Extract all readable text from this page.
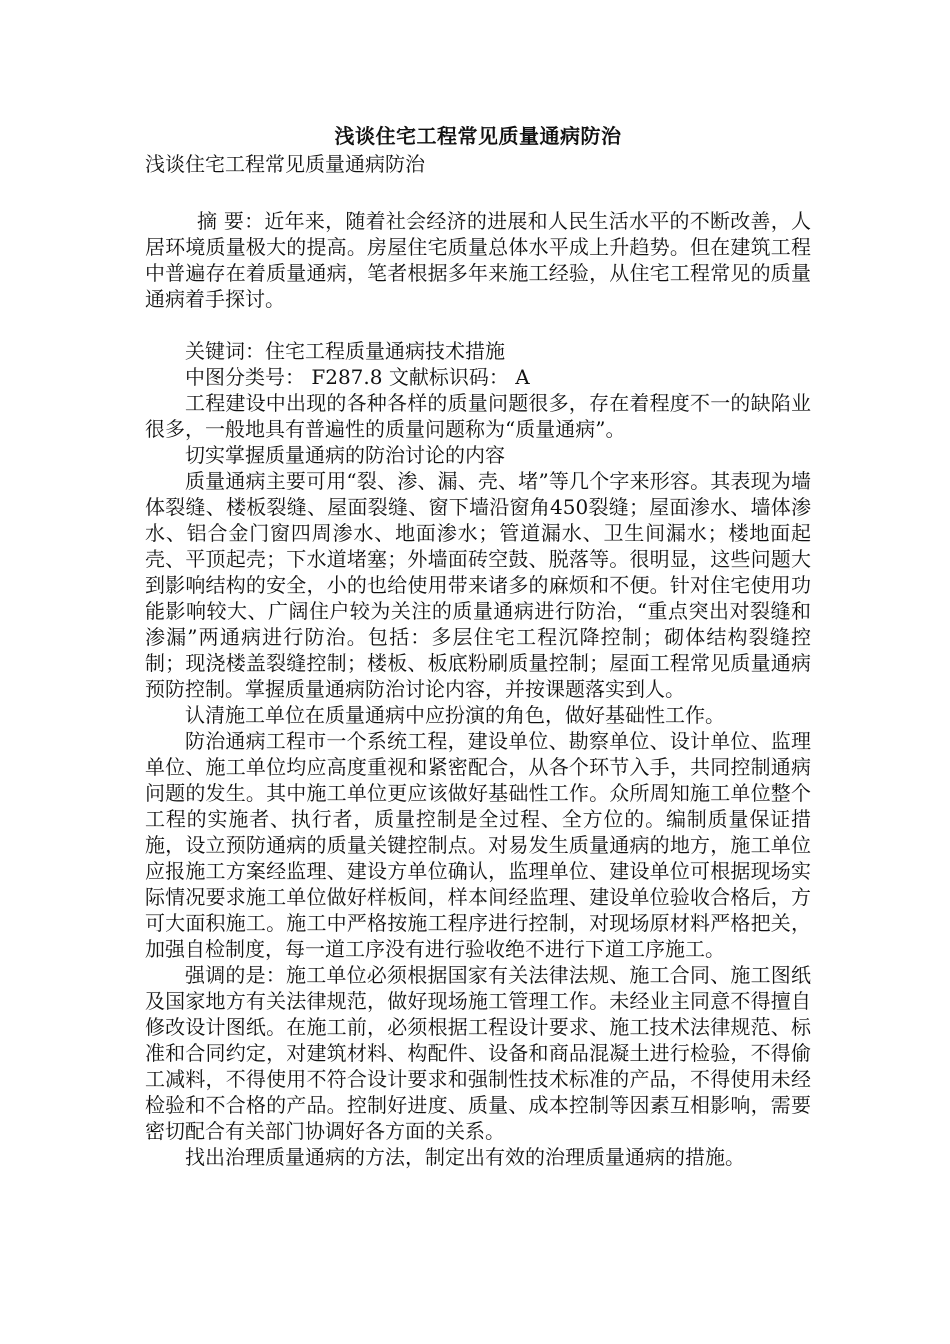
浅谈住宅工程常见质量通病防治
浅谈住宅工程常见质量通病防治

摘 要：近年来，随着社会经济的进展和人民生活水平的不断改善，人居环境质量极大的提高。房屋住宅质量总体水平成上升趋势。但在建筑工程中普遍存在着质量通病，笔者根据多年来施工经验，从住宅工程常见的质量通病着手探讨。

关键词：住宅工程质量通病技术措施

中图分类号： F287.8 文献标识码： A

工程建设中出现的各种各样的质量问题很多，存在着程度不一的缺陷业很多，一般地具有普遍性的质量问题称为“质量通病”。

切实掌握质量通病的防治讨论的内容

质量通病主要可用“裂、渗、漏、壳、堵”等几个字来形容。其表现为墙体裂缝、楼板裂缝、屋面裂缝、窗下墙沿窗角450裂缝；屋面渗水、墙体渗水、铝合金门窗四周渗水、地面渗水；管道漏水、卫生间漏水；楼地面起壳、平顶起壳；下水道堵塞；外墙面砖空鼓、脱落等。很明显，这些问题大到影响结构的安全，小的也给使用带来诸多的麻烦和不便。针对住宅使用功能影响较大、广阔住户较为关注的质量通病进行防治，“重点突出对裂缝和渗漏”两通病进行防治。包括：多层住宅工程沉降控制；砌体结构裂缝控制；现浇楼盖裂缝控制；楼板、板底粉刷质量控制；屋面工程常见质量通病预防控制。掌握质量通病防治讨论内容，并按课题落实到人。

认清施工单位在质量通病中应扮演的角色，做好基础性工作。

防治通病工程市一个系统工程，建设单位、勘察单位、设计单位、监理单位、施工单位均应高度重视和紧密配合，从各个环节入手，共同控制通病问题的发生。其中施工单位更应该做好基础性工作。众所周知施工单位整个工程的实施者、执行者，质量控制是全过程、全方位的。编制质量保证措施，设立预防通病的质量关键控制点。对易发生质量通病的地方，施工单位应报施工方案经监理、建设方单位确认，监理单位、建设单位可根据现场实际情况要求施工单位做好样板间，样本间经监理、建设单位验收合格后，方可大面积施工。施工中严格按施工程序进行控制，对现场原材料严格把关，加强自检制度，每一道工序没有进行验收绝不进行下道工序施工。

强调的是：施工单位必须根据国家有关法律法规、施工合同、施工图纸及国家地方有关法律规范，做好现场施工管理工作。未经业主同意不得擅自修改设计图纸。在施工前，必须根据工程设计要求、施工技术法律规范、标准和合同约定，对建筑材料、构配件、设备和商品混凝土进行检验，不得偷工减料，不得使用不符合设计要求和强制性技术标准的产品，不得使用未经检验和不合格的产品。控制好进度、质量、成本控制等因素互相影响，需要密切配合有关部门协调好各方面的关系。

找出治理质量通病的方法，制定出有效的治理质量通病的措施。
